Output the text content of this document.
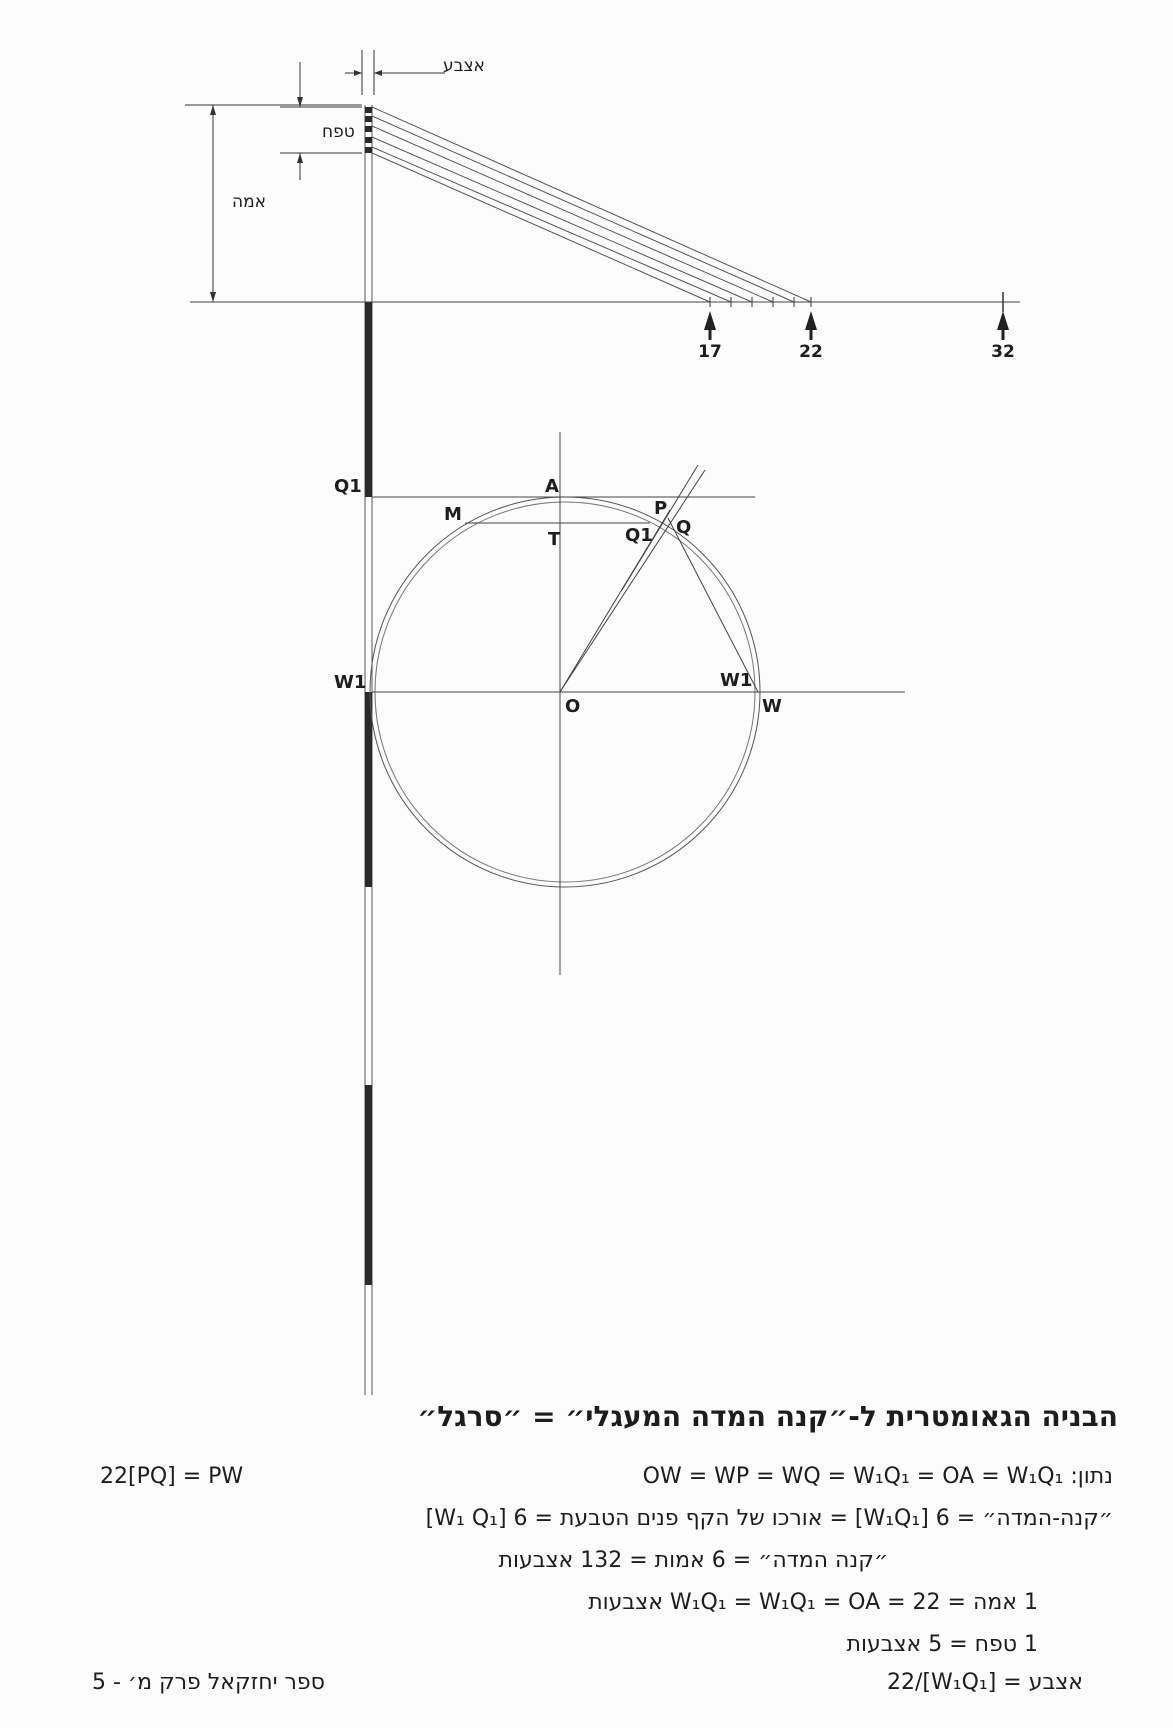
אצבע
טפח
אמה
17	22	32
Q1	A
P
Q
M
T	Q1
W1
O
W1
W
הבניה הגאומטרית ל-״קנה המדה המעגלי״ = ״סרגל״
נתון: OW = WP = WQ = W₁Q₁ = OA = W₁Q₁
22[PQ] = PW
״קנה-המדה״ = 6 [W₁Q₁] = אורכו של הקף פנים הטבעת = 6 [W₁ Q₁]
״קנה המדה״ = 6 אמות = 132 אצבעות
1 אמה = W₁Q₁ = W₁Q₁ = OA = 22 אצבעות
1 טפח = 5 אצבעות
ספר יחזקאל פרק מ׳ - 5	אצבע = [W₁Q₁]/22
